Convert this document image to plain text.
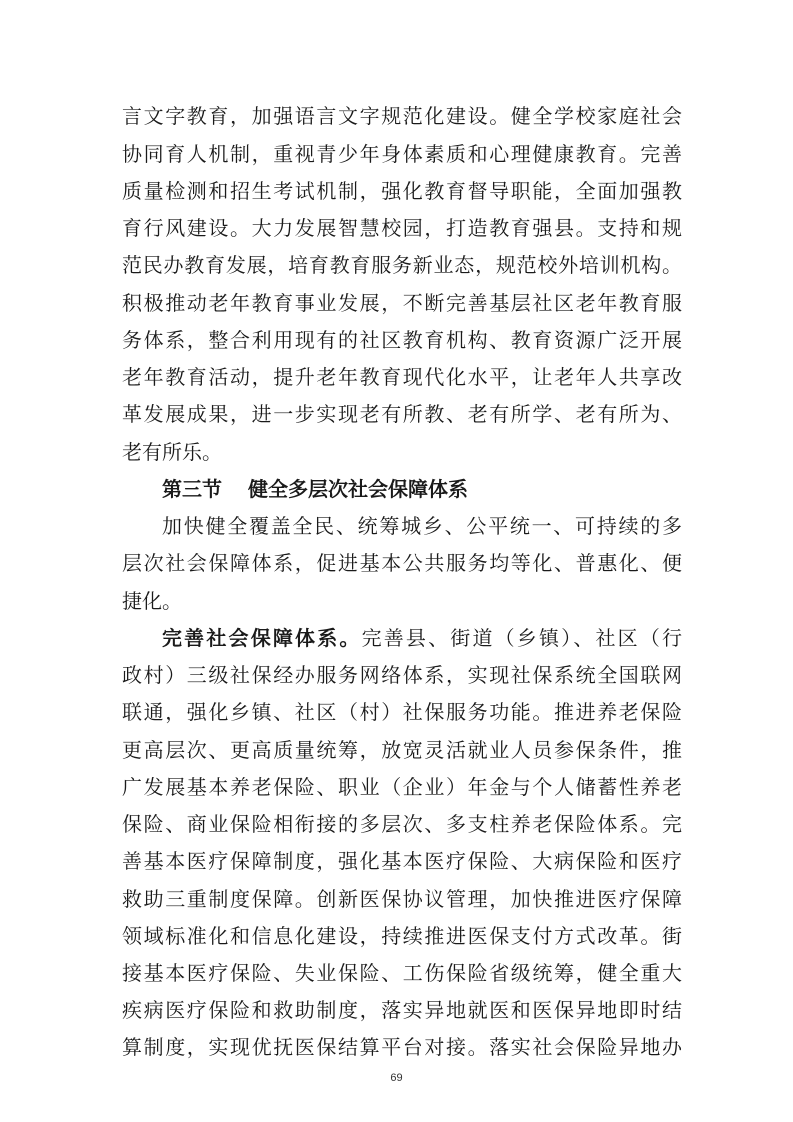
言文字教育，加强语言文字规范化建设。健全学校家庭社会
协同育人机制，重视青少年身体素质和心理健康教育。完善
质量检测和招生考试机制，强化教育督导职能，全面加强教
育行风建设。大力发展智慧校园，打造教育强县。支持和规
范民办教育发展，培育教育服务新业态，规范校外培训机构。
积极推动老年教育事业发展，不断完善基层社区老年教育服
务体系，整合利用现有的社区教育机构、教育资源广泛开展
老年教育活动，提升老年教育现代化水平，让老年人共享改
革发展成果，进一步实现老有所教、老有所学、老有所为、
老有所乐。
第三节 健全多层次社会保障体系
加快健全覆盖全民、统筹城乡、公平统一、可持续的多
层次社会保障体系，促进基本公共服务均等化、普惠化、便
捷化。
完善社会保障体系。完善县、街道（乡镇）、社区（行
政村）三级社保经办服务网络体系，实现社保系统全国联网
联通，强化乡镇、社区（村）社保服务功能。推进养老保险
更高层次、更高质量统筹，放宽灵活就业人员参保条件，推
广发展基本养老保险、职业（企业）年金与个人储蓄性养老
保险、商业保险相衔接的多层次、多支柱养老保险体系。完
善基本医疗保障制度，强化基本医疗保险、大病保险和医疗
救助三重制度保障。创新医保协议管理，加快推进医疗保障
领域标准化和信息化建设，持续推进医保支付方式改革。街
接基本医疗保险、失业保险、工伤保险省级统筹，健全重大
疾病医疗保险和救助制度，落实异地就医和医保异地即时结
算制度，实现优抚医保结算平台对接。落实社会保险异地办
69
